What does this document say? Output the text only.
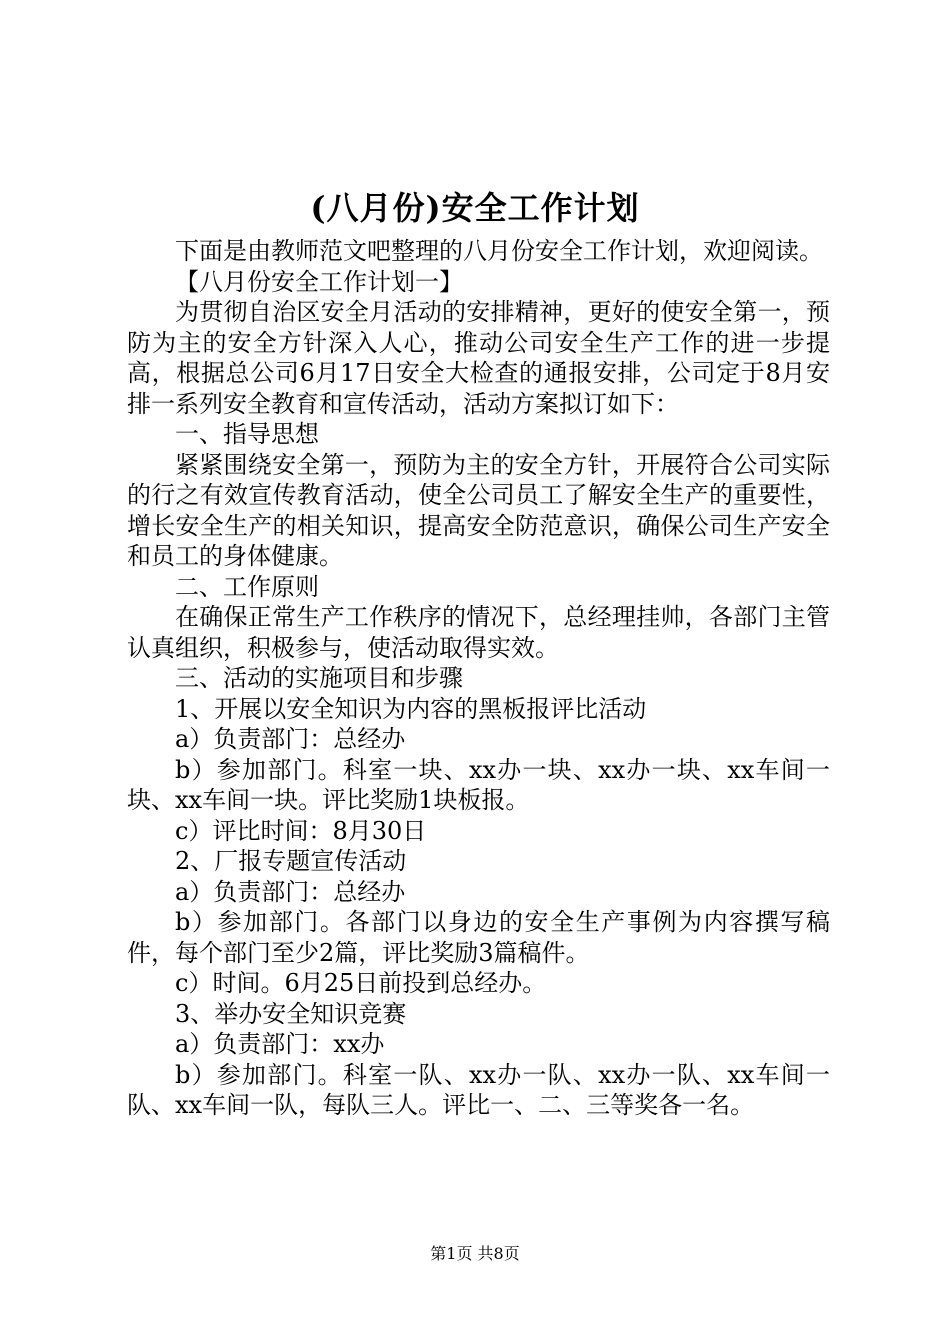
(八月份)安全工作计划

下面是由教师范文吧整理的八月份安全工作计划，欢迎阅读。

【八月份安全工作计划一】

为贯彻自治区安全月活动的安排精神，更好的使安全第一，预防为主的安全方针深入人心，推动公司安全生产工作的进一步提高，根据总公司6月17日安全大检查的通报安排，公司定于8月安排一系列安全教育和宣传活动，活动方案拟订如下：

一、指导思想

紧紧围绕安全第一，预防为主的安全方针，开展符合公司实际的行之有效宣传教育活动，使全公司员工了解安全生产的重要性，增长安全生产的相关知识，提高安全防范意识，确保公司生产安全和员工的身体健康。

二、工作原则

在确保正常生产工作秩序的情况下，总经理挂帅，各部门主管认真组织，积极参与，使活动取得实效。

三、活动的实施项目和步骤

1、开展以安全知识为内容的黑板报评比活动

a）负责部门：总经办

b）参加部门。科室一块、xx办一块、xx办一块、xx车间一块、xx车间一块。评比奖励1块板报。

c）评比时间：8月30日

2、厂报专题宣传活动

a）负责部门：总经办

b）参加部门。各部门以身边的安全生产事例为内容撰写稿件，每个部门至少2篇，评比奖励3篇稿件。

c）时间。6月25日前投到总经办。

3、举办安全知识竞赛

a）负责部门：xx办

b）参加部门。科室一队、xx办一队、xx办一队、xx车间一队、xx车间一队，每队三人。评比一、二、三等奖各一名。

第1页 共8页
